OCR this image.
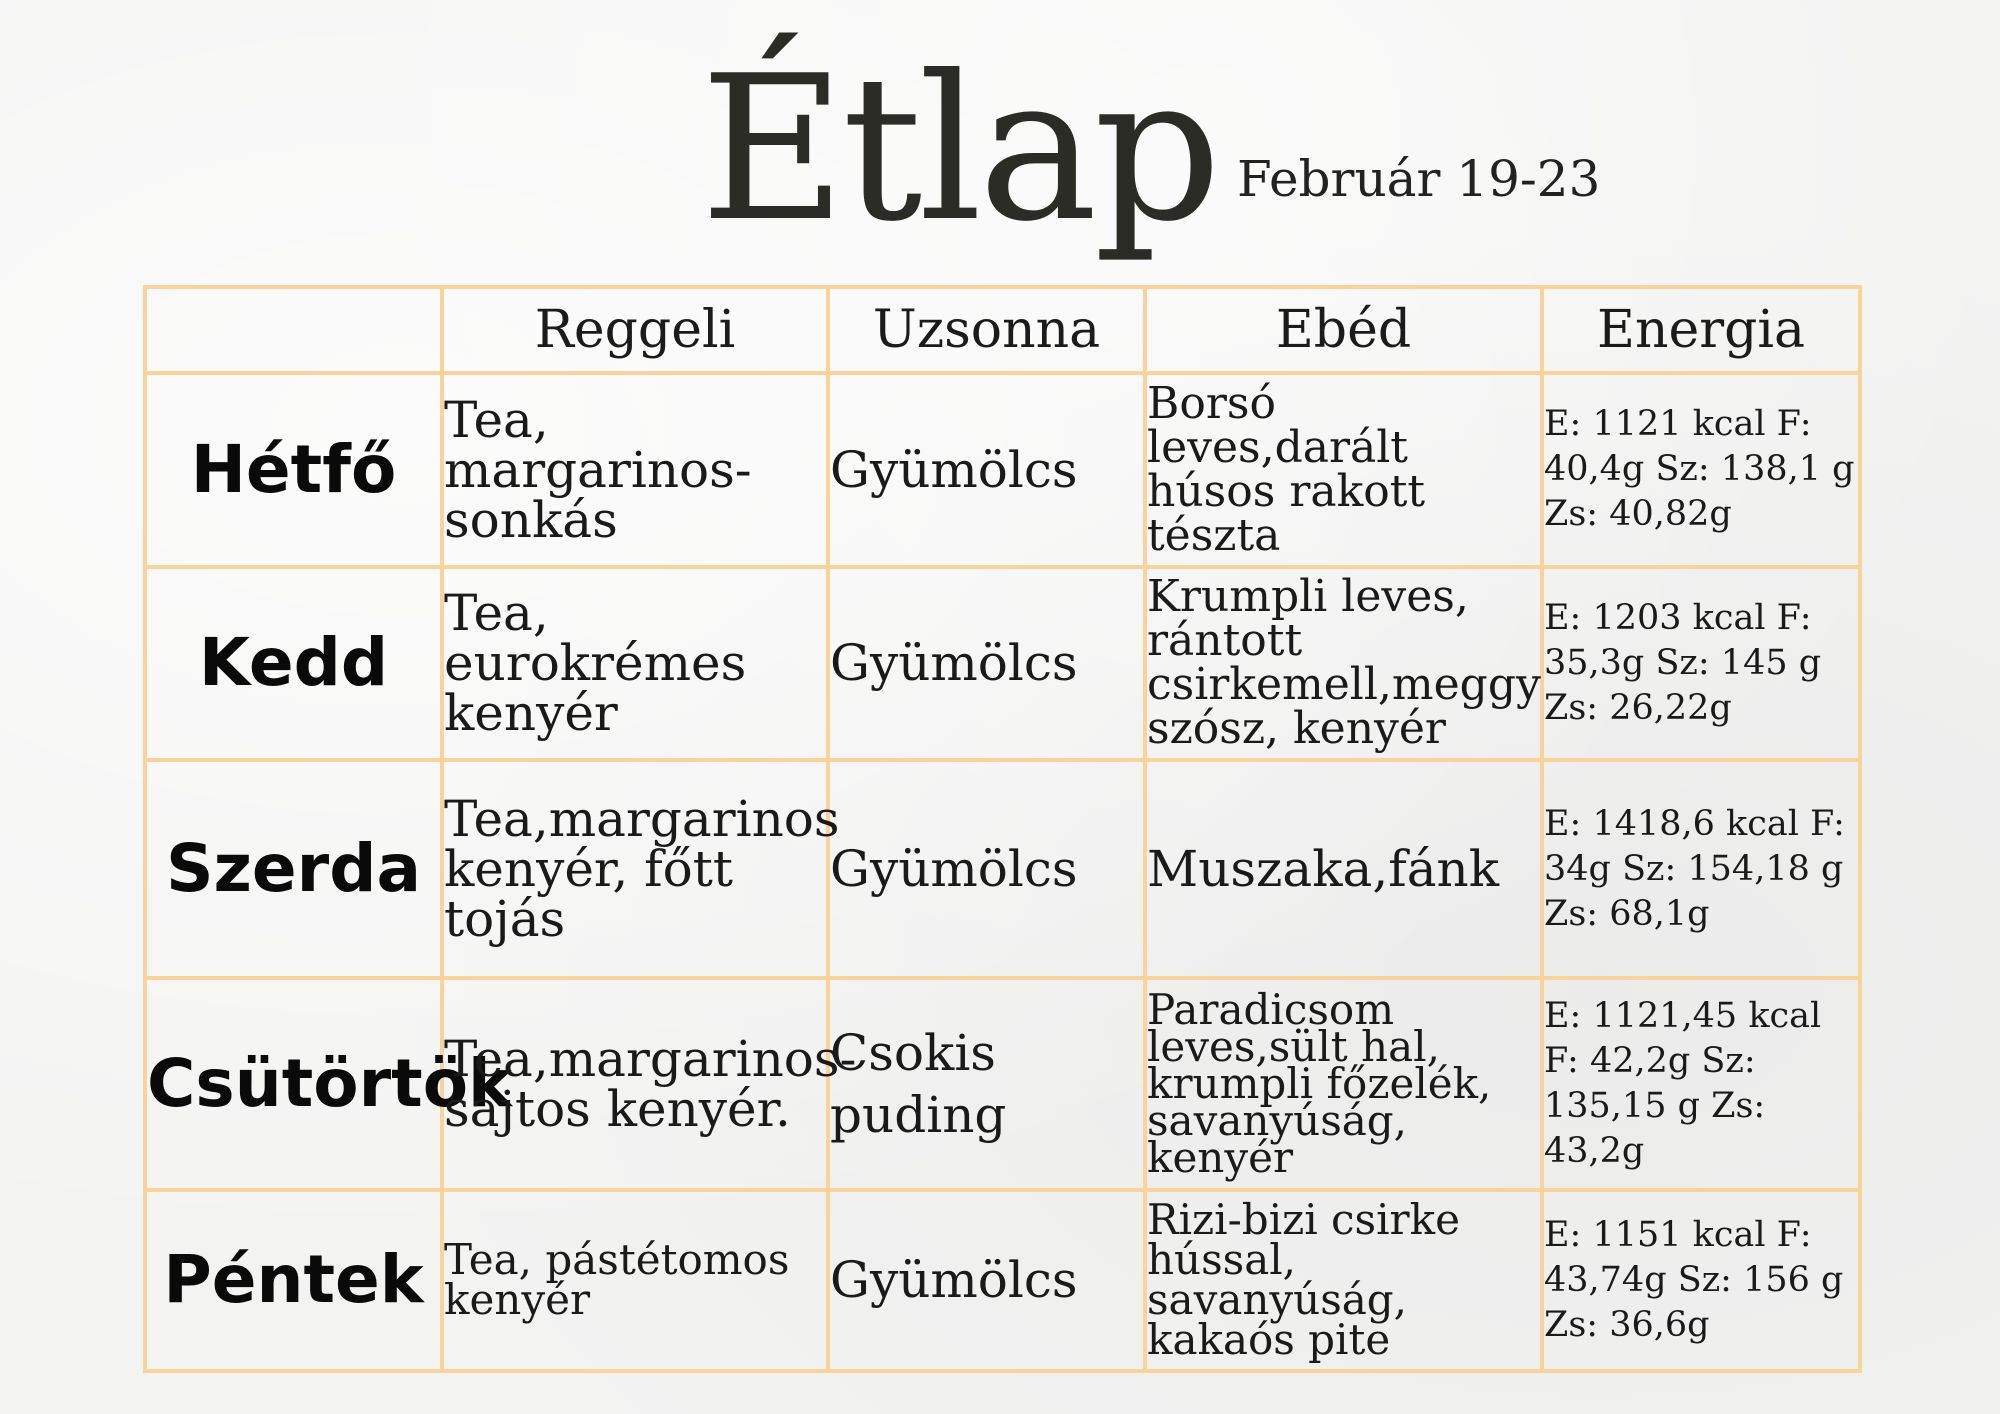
Étlap Február 19-23
	Reggeli	Uzsonna	Ebéd	Energia
Hétfő	Tea, margarinos-sonkás	Gyümölcs	Borsó leves,darált húsos rakott tészta	E: 1121 kcal F: 40,4g Sz: 138,1 g Zs: 40,82g
Kedd	Tea, eurokrémes kenyér	Gyümölcs	Krumpli leves, rántott csirkemell,meggy szósz, kenyér	E: 1203 kcal F: 35,3g Sz: 145 g Zs: 26,22g
Szerda	Tea,margarinos kenyér, főtt tojás	Gyümölcs	Muszaka,fánk	E: 1418,6 kcal F: 34g Sz: 154,18 g Zs: 68,1g
Csütörtök	Tea,margarinos-sajtos kenyér.	Csokis puding	Paradicsom leves,sült hal, krumpli főzelék, savanyúság, kenyér	E: 1121,45 kcal F: 42,2g Sz: 135,15 g Zs: 43,2g
Péntek	Tea, pástétomos kenyér	Gyümölcs	Rizi-bizi csirke hússal, savanyúság, kakaós pite	E: 1151 kcal F: 43,74g Sz: 156 g Zs: 36,6g
